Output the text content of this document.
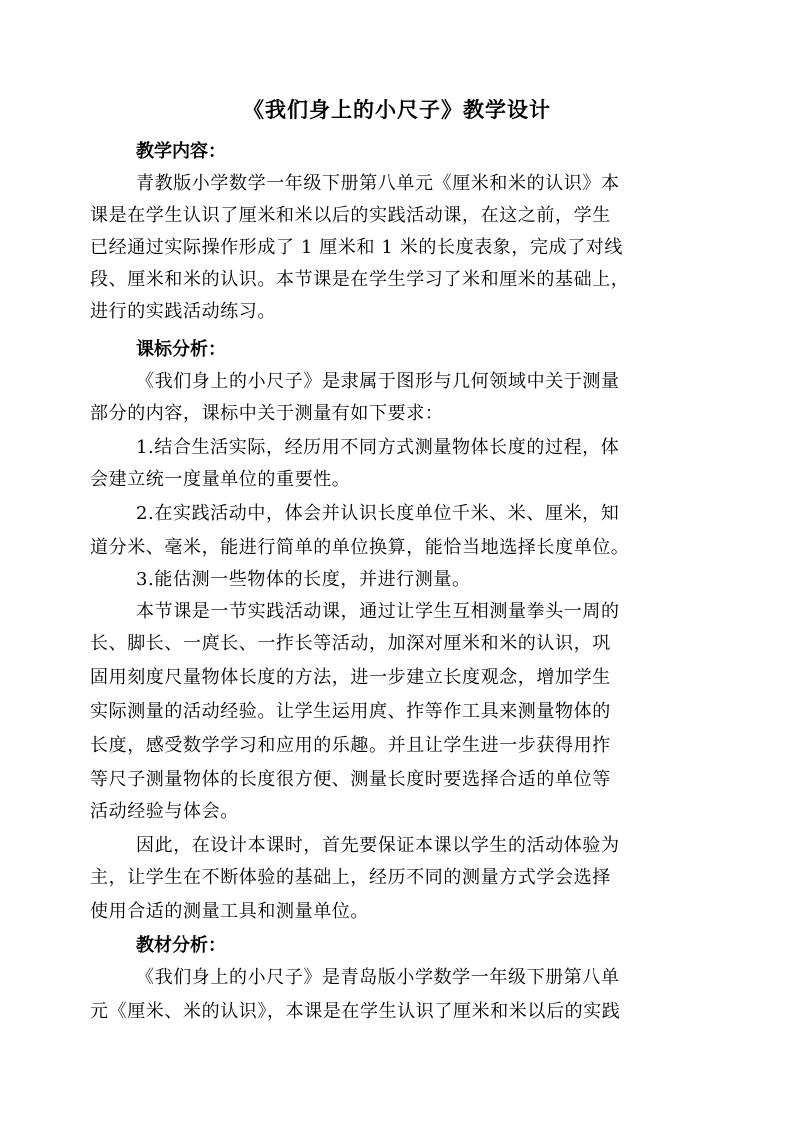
《我们身上的小尺子》教学设计
教学内容：
青教版小学数学一年级下册第八单元《厘米和米的认识》本
课是在学生认识了厘米和米以后的实践活动课，在这之前，学生
已经通过实际操作形成了 1 厘米和 1 米的长度表象，完成了对线
段、厘米和米的认识。本节课是在学生学习了米和厘米的基础上，
进行的实践活动练习。
课标分析：
《我们身上的小尺子》是隶属于图形与几何领域中关于测量
部分的内容，课标中关于测量有如下要求：
1.结合生活实际，经历用不同方式测量物体长度的过程，体
会建立统一度量单位的重要性。
2.在实践活动中，体会并认识长度单位千米、米、厘米，知
道分米、毫米，能进行简单的单位换算，能恰当地选择长度单位。
3.能估测一些物体的长度，并进行测量。
本节课是一节实践活动课，通过让学生互相测量拳头一周的
长、脚长、一庹长、一拃长等活动，加深对厘米和米的认识，巩
固用刻度尺量物体长度的方法，进一步建立长度观念，增加学生
实际测量的活动经验。让学生运用庹、拃等作工具来测量物体的
长度，感受数学学习和应用的乐趣。并且让学生进一步获得用拃
等尺子测量物体的长度很方便、测量长度时要选择合适的单位等
活动经验与体会。
因此，在设计本课时，首先要保证本课以学生的活动体验为
主，让学生在不断体验的基础上，经历不同的测量方式学会选择
使用合适的测量工具和测量单位。
教材分析：
《我们身上的小尺子》是青岛版小学数学一年级下册第八单
元《厘米、米的认识》，本课是在学生认识了厘米和米以后的实践
